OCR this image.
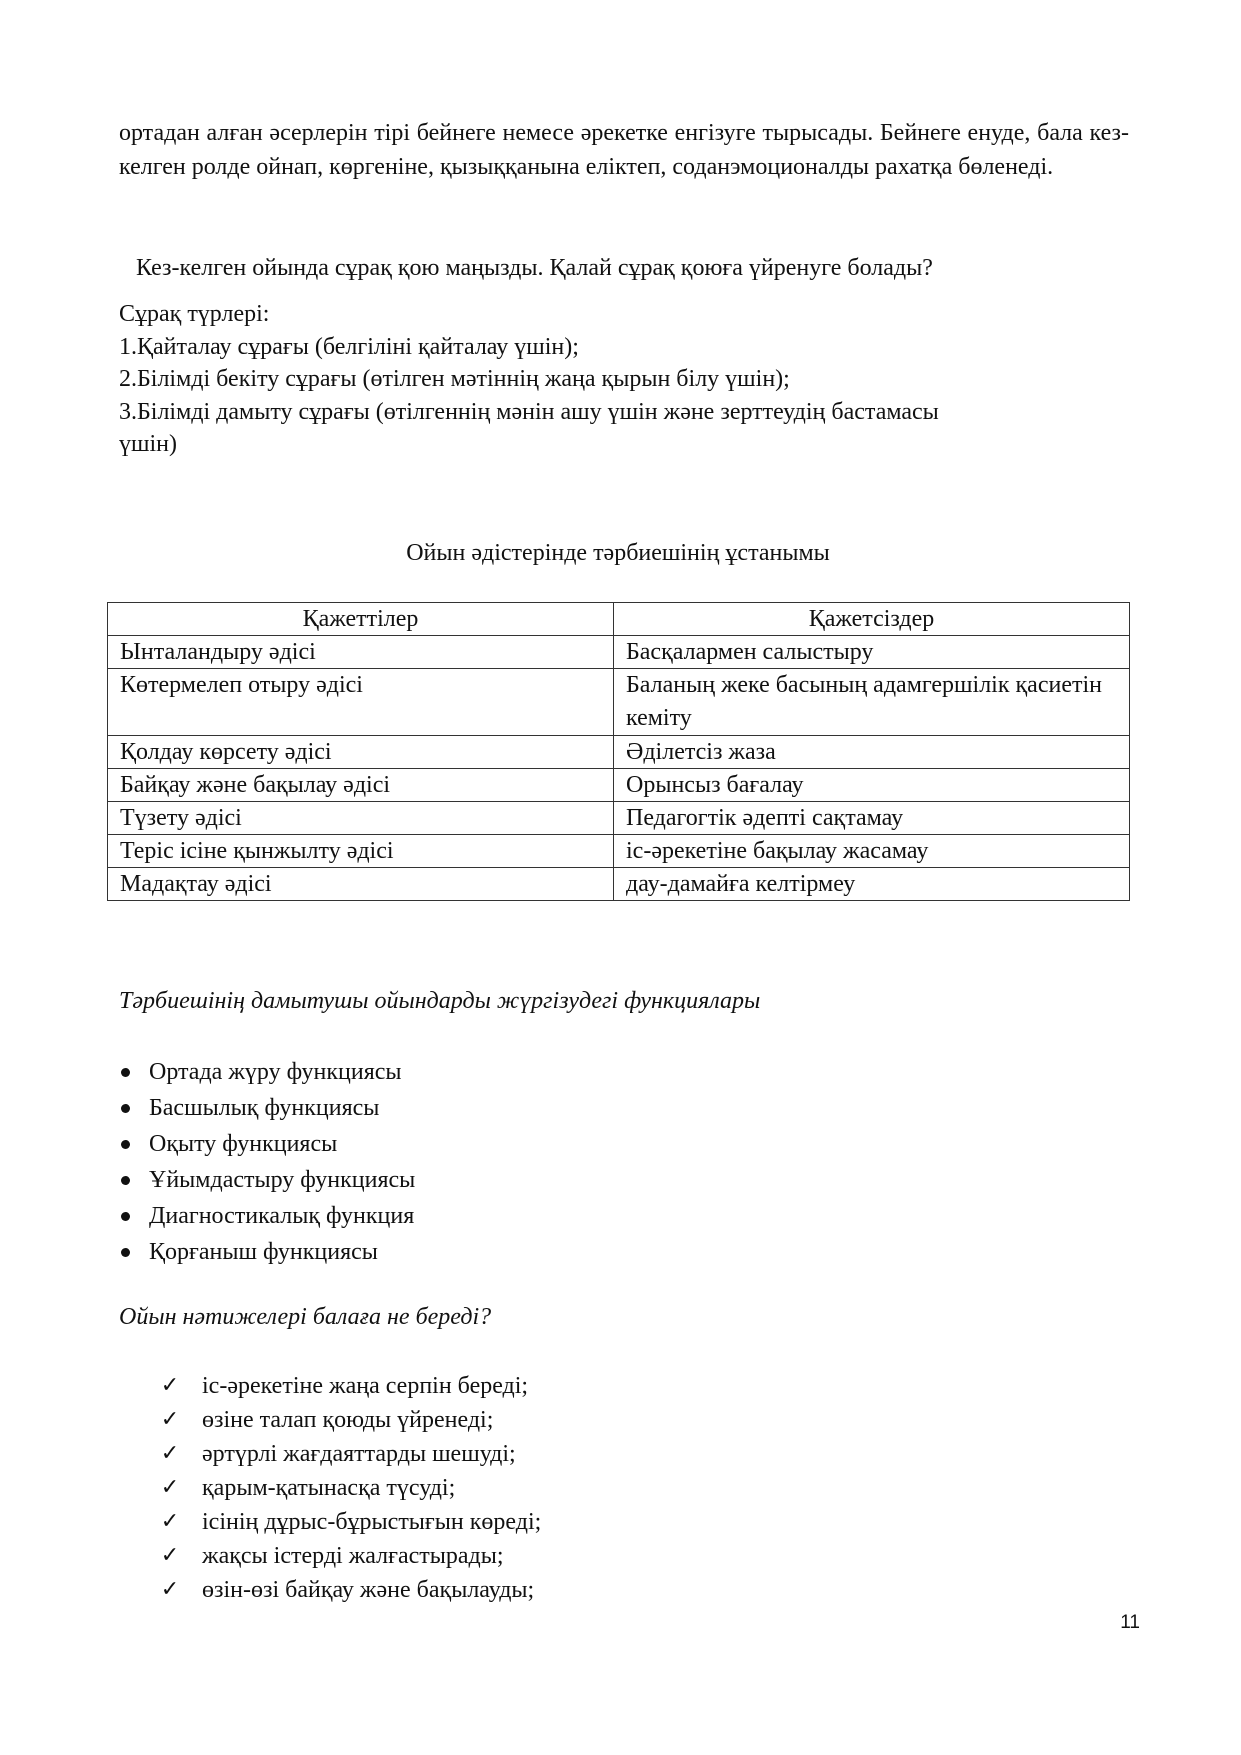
ортадан алған әсерлерін тірі бейнеге немесе әрекетке енгізуге тырысады. Бейнеге енуде, бала кез-келген ролде ойнап, көргеніне, қызыққанына еліктеп, соданэмоционалды рахатқа бөленеді.

Кез-келген ойында сұрақ қою маңызды. Қалай сұрақ қоюға үйренуге болады?

Сұрақ түрлері:
1.Қайталау сұрағы (белгіліні қайталау үшін);
2.Білімді бекіту сұрағы (өтілген мәтіннің жаңа қырын білу үшін);
3.Білімді дамыту сұрағы (өтілгеннің мәнін ашу үшін және зерттеудің бастамасы
үшін)

Ойын әдістерінде тәрбиешінің ұстанымы

Қажеттілер	Қажетсіздер
Ынталандыру әдісі	Басқалармен салыстыру
Көтермелеп отыру әдісі	Баланың жеке басының адамгершілік қасиетін кеміту
Қолдау көрсету әдісі	Әділетсіз жаза
Байқау және бақылау әдісі	Орынсыз бағалау
Түзету әдісі	Педагогтік әдепті сақтамау
Теріс ісіне қынжылту әдісі	іс-әрекетіне бақылау жасамау
Мадақтау әдісі	дау-дамайға келтірмеу

Тәрбиешінің дамытушы ойындарды жүргізудегі функциялары

Ортада жүру функциясы
Басшылық функциясы
Оқыту функциясы
Ұйымдастыру функциясы
Диагностикалық функция
Қорғаныш функциясы

Ойын нәтижелері балаға не береді?

✓ іс-әрекетіне жаңа серпін береді;
✓ өзіне талап қоюды үйренеді;
✓ әртүрлі жағдаяттарды шешуді;
✓ қарым-қатынасқа түсуді;
✓ ісінің дұрыс-бұрыстығын көреді;
✓ жақсы істерді жалғастырады;
✓ өзін-өзі байқау және бақылауды;
11
